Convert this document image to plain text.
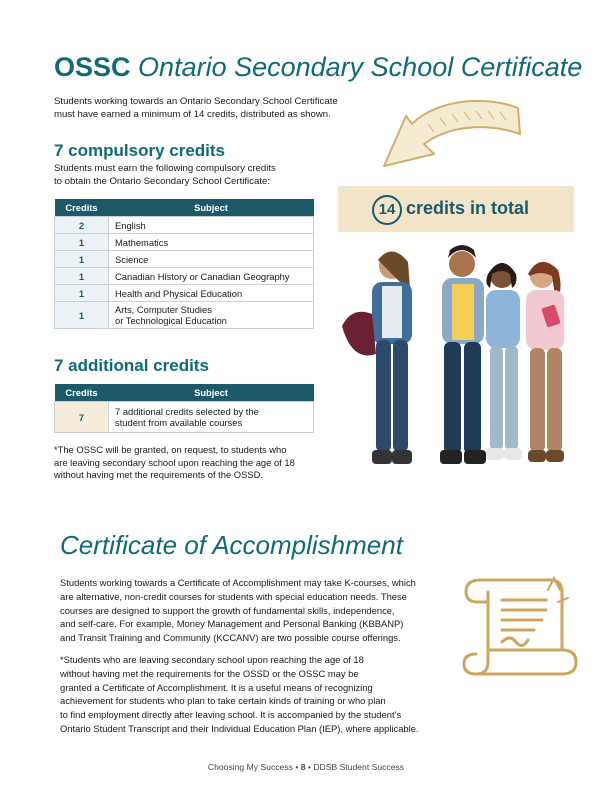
OSSC Ontario Secondary School Certificate
Students working towards an Ontario Secondary School Certificate
must have earned a minimum of 14 credits, distributed as shown.
7 compulsory credits
Students must earn the following compulsory credits
to obtain the Ontario Secondary School Certificate:
Credits	Subject
2	English
1	Mathematics
1	Science
1	Canadian History or Canadian Geography
1	Health and Physical Education
1	Arts, Computer Studies
or Technological Education
7 additional credits
Credits	Subject
7	7 additional credits selected by the
student from available courses
*The OSSC will be granted, on request, to students who
are leaving secondary school upon reaching the age of 18
without having met the requirements of the OSSD.
14 credits in total
Certificate of Accomplishment
Students working towards a Certificate of Accomplishment may take K-courses, which
are alternative, non-credit courses for students with special education needs. These
courses are designed to support the growth of fundamental skills, independence,
and self-care. For example, Money Management and Personal Banking (KBBANP)
and Transit Training and Community (KCCANV) are two possible course offerings.
*Students who are leaving secondary school upon reaching the age of 18
without having met the requirements for the OSSD or the OSSC may be
granted a Certificate of Accomplishment. It is a useful means of recognizing
achievement for students who plan to take certain kinds of training or who plan
to find employment directly after leaving school. It is accompanied by the student’s
Ontario Student Transcript and their Individual Education Plan (IEP), where applicable.
Choosing My Success • 8 • DDSB Student Success
